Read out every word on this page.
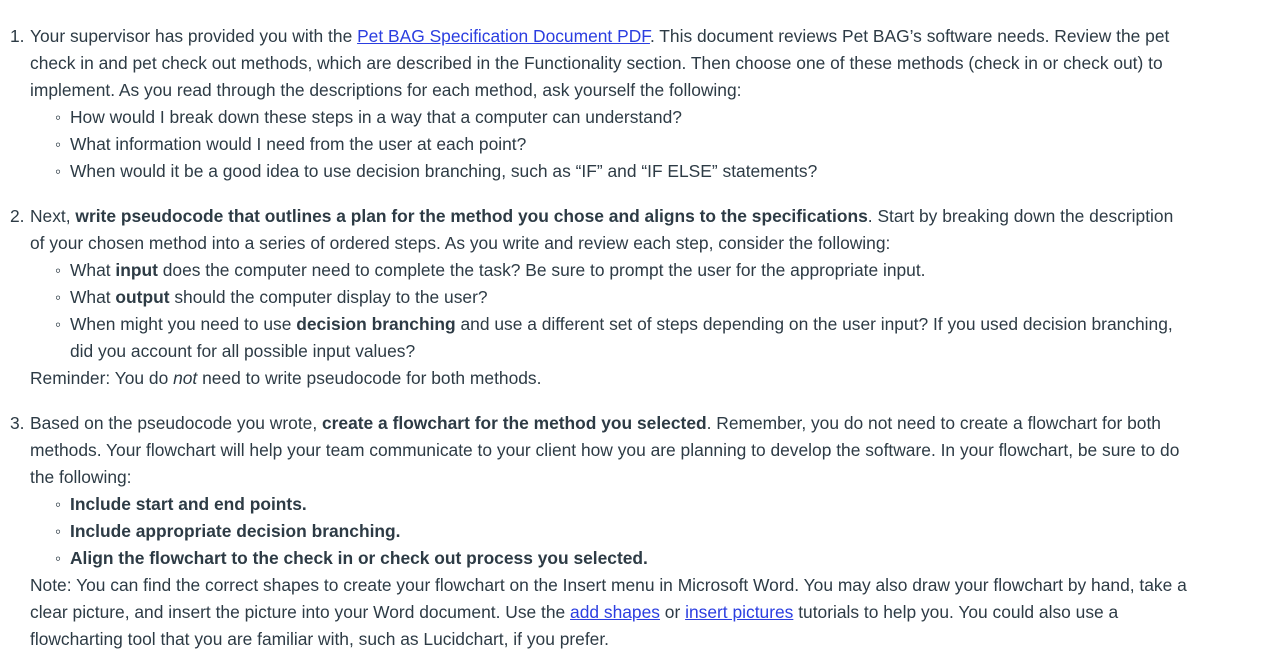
1. Your supervisor has provided you with the Pet BAG Specification Document PDF. This document reviews Pet BAG’s software needs. Review the pet check in and pet check out methods, which are described in the Functionality section. Then choose one of these methods (check in or check out) to implement. As you read through the descriptions for each method, ask yourself the following:
◦ How would I break down these steps in a way that a computer can understand?
◦ What information would I need from the user at each point?
◦ When would it be a good idea to use decision branching, such as “IF” and “IF ELSE” statements?
2. Next, write pseudocode that outlines a plan for the method you chose and aligns to the specifications. Start by breaking down the description of your chosen method into a series of ordered steps. As you write and review each step, consider the following:
◦ What input does the computer need to complete the task? Be sure to prompt the user for the appropriate input.
◦ What output should the computer display to the user?
◦ When might you need to use decision branching and use a different set of steps depending on the user input? If you used decision branching, did you account for all possible input values?
Reminder: You do not need to write pseudocode for both methods.
3. Based on the pseudocode you wrote, create a flowchart for the method you selected. Remember, you do not need to create a flowchart for both methods. Your flowchart will help your team communicate to your client how you are planning to develop the software. In your flowchart, be sure to do the following:
◦ Include start and end points.
◦ Include appropriate decision branching.
◦ Align the flowchart to the check in or check out process you selected.
Note: You can find the correct shapes to create your flowchart on the Insert menu in Microsoft Word. You may also draw your flowchart by hand, take a clear picture, and insert the picture into your Word document. Use the add shapes or insert pictures tutorials to help you. You could also use a flowcharting tool that you are familiar with, such as Lucidchart, if you prefer.
